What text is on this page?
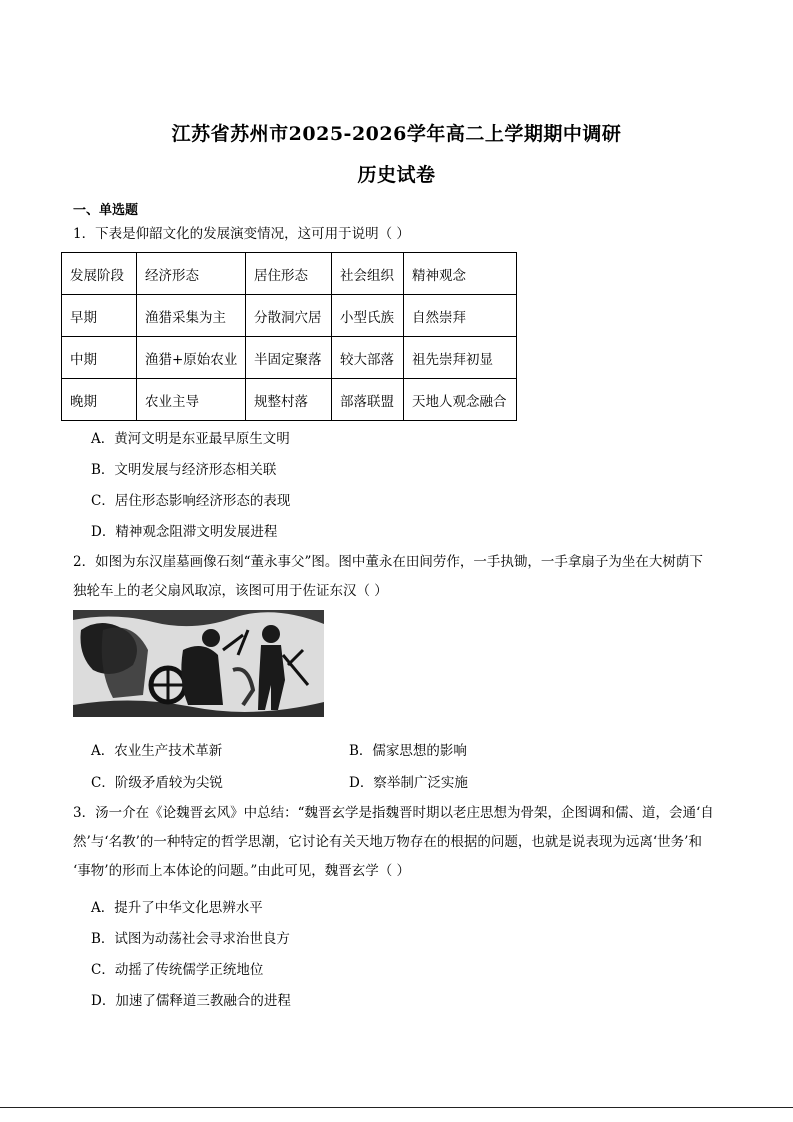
江苏省苏州市2025-2026学年高二上学期期中调研
历史试卷
一、单选题
1．下表是仰韶文化的发展演变情况，这可用于说明（ ）
发展阶段	经济形态	居住形态	社会组织	精神观念
早期	渔猎采集为主	分散洞穴居	小型氏族	自然崇拜
中期	渔猎+原始农业	半固定聚落	较大部落	祖先崇拜初显
晚期	农业主导	规整村落	部落联盟	天地人观念融合
A．黄河文明是东亚最早原生文明
B．文明发展与经济形态相关联
C．居住形态影响经济形态的表现
D．精神观念阻滞文明发展进程
2．如图为东汉崖墓画像石刻“董永事父”图。图中董永在田间劳作，一手执锄，一手拿扇子为坐在大树荫下
独轮车上的老父扇风取凉，该图可用于佐证东汉（ ）
A．农业生产技术革新	B．儒家思想的影响
C．阶级矛盾较为尖锐	D．察举制广泛实施
3．汤一介在《论魏晋玄风》中总结：“魏晋玄学是指魏晋时期以老庄思想为骨架，企图调和儒、道，会通‘自
然’与‘名教’的一种特定的哲学思潮，它讨论有关天地万物存在的根据的问题，也就是说表现为远离‘世务’和
‘事物’的形而上本体论的问题。”由此可见，魏晋玄学（ ）
A．提升了中华文化思辨水平
B．试图为动荡社会寻求治世良方
C．动摇了传统儒学正统地位
D．加速了儒释道三教融合的进程
